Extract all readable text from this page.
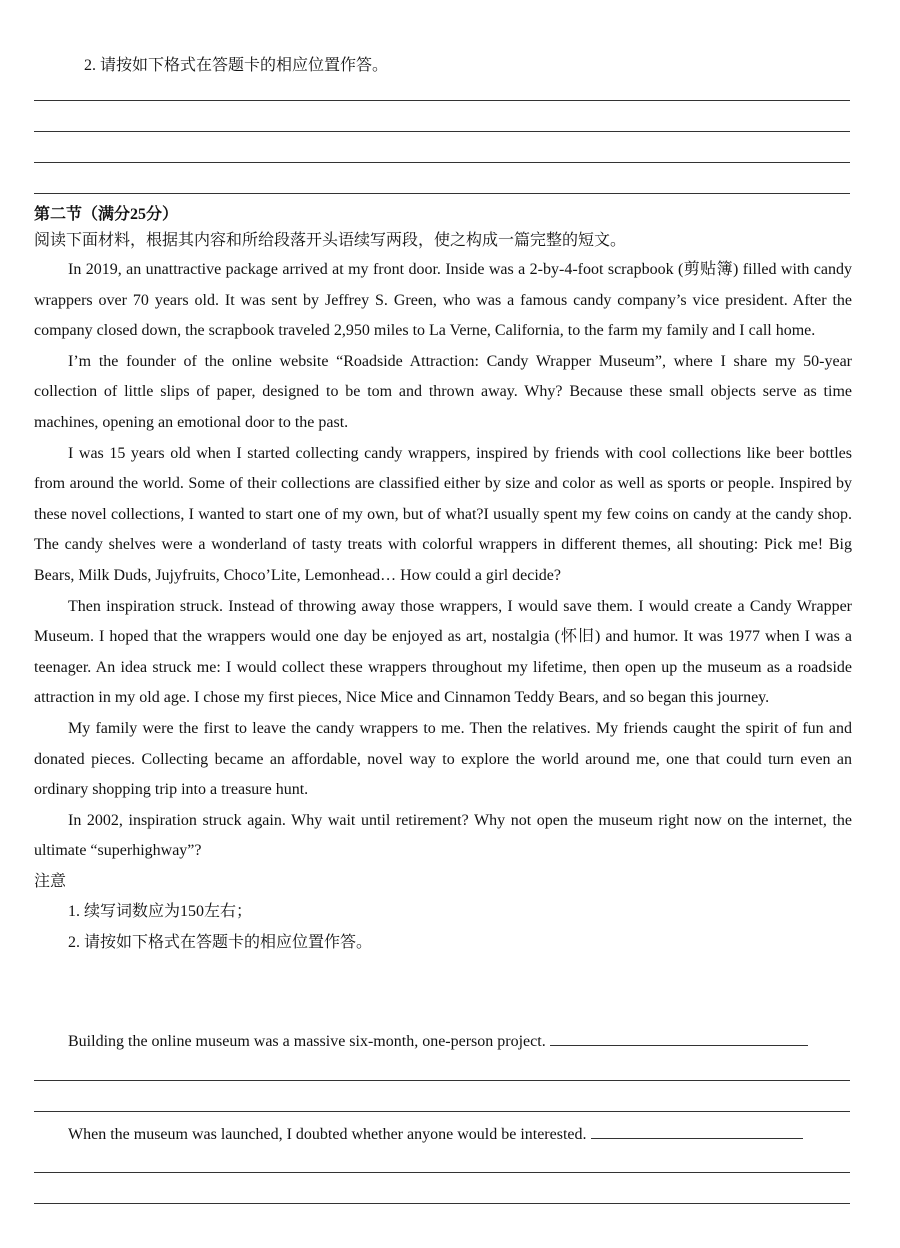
2. 请按如下格式在答题卡的相应位置作答。
第二节（满分25分）
阅读下面材料，根据其内容和所给段落开头语续写两段，使之构成一篇完整的短文。

In 2019, an unattractive package arrived at my front door. Inside was a 2-by-4-foot scrapbook (剪贴簿) filled with candy wrappers over 70 years old. It was sent by Jeffrey S. Green, who was a famous candy company’s vice president. After the company closed down, the scrapbook traveled 2,950 miles to La Verne, California, to the farm my family and I call home.

I’m the founder of the online website “Roadside Attraction: Candy Wrapper Museum”, where I share my 50-year collection of little slips of paper, designed to be tom and thrown away. Why? Because these small objects serve as time machines, opening an emotional door to the past.

I was 15 years old when I started collecting candy wrappers, inspired by friends with cool collections like beer bottles from around the world. Some of their collections are classified either by size and color as well as sports or people. Inspired by these novel collections, I wanted to start one of my own, but of what?I usually spent my few coins on candy at the candy shop. The candy shelves were a wonderland of tasty treats with colorful wrappers in different themes, all shouting: Pick me! Big Bears, Milk Duds, Jujyfruits, Choco’Lite, Lemonhead… How could a girl decide?

Then inspiration struck. Instead of throwing away those wrappers, I would save them. I would create a Candy Wrapper Museum. I hoped that the wrappers would one day be enjoyed as art, nostalgia (怀旧) and humor. It was 1977 when I was a teenager. An idea struck me: I would collect these wrappers throughout my lifetime, then open up the museum as a roadside attraction in my old age. I chose my first pieces, Nice Mice and Cinnamon Teddy Bears, and so began this journey.

My family were the first to leave the candy wrappers to me. Then the relatives. My friends caught the spirit of fun and donated pieces. Collecting became an affordable, novel way to explore the world around me, one that could turn even an ordinary shopping trip into a treasure hunt.

In 2002, inspiration struck again. Why wait until retirement? Why not open the museum right now on the internet, the ultimate “superhighway”?

注意
1. 续写词数应为150左右；
2. 请按如下格式在答题卡的相应位置作答。
Building the online museum was a massive six-month, one-person project.
When the museum was launched, I doubted whether anyone would be interested.
